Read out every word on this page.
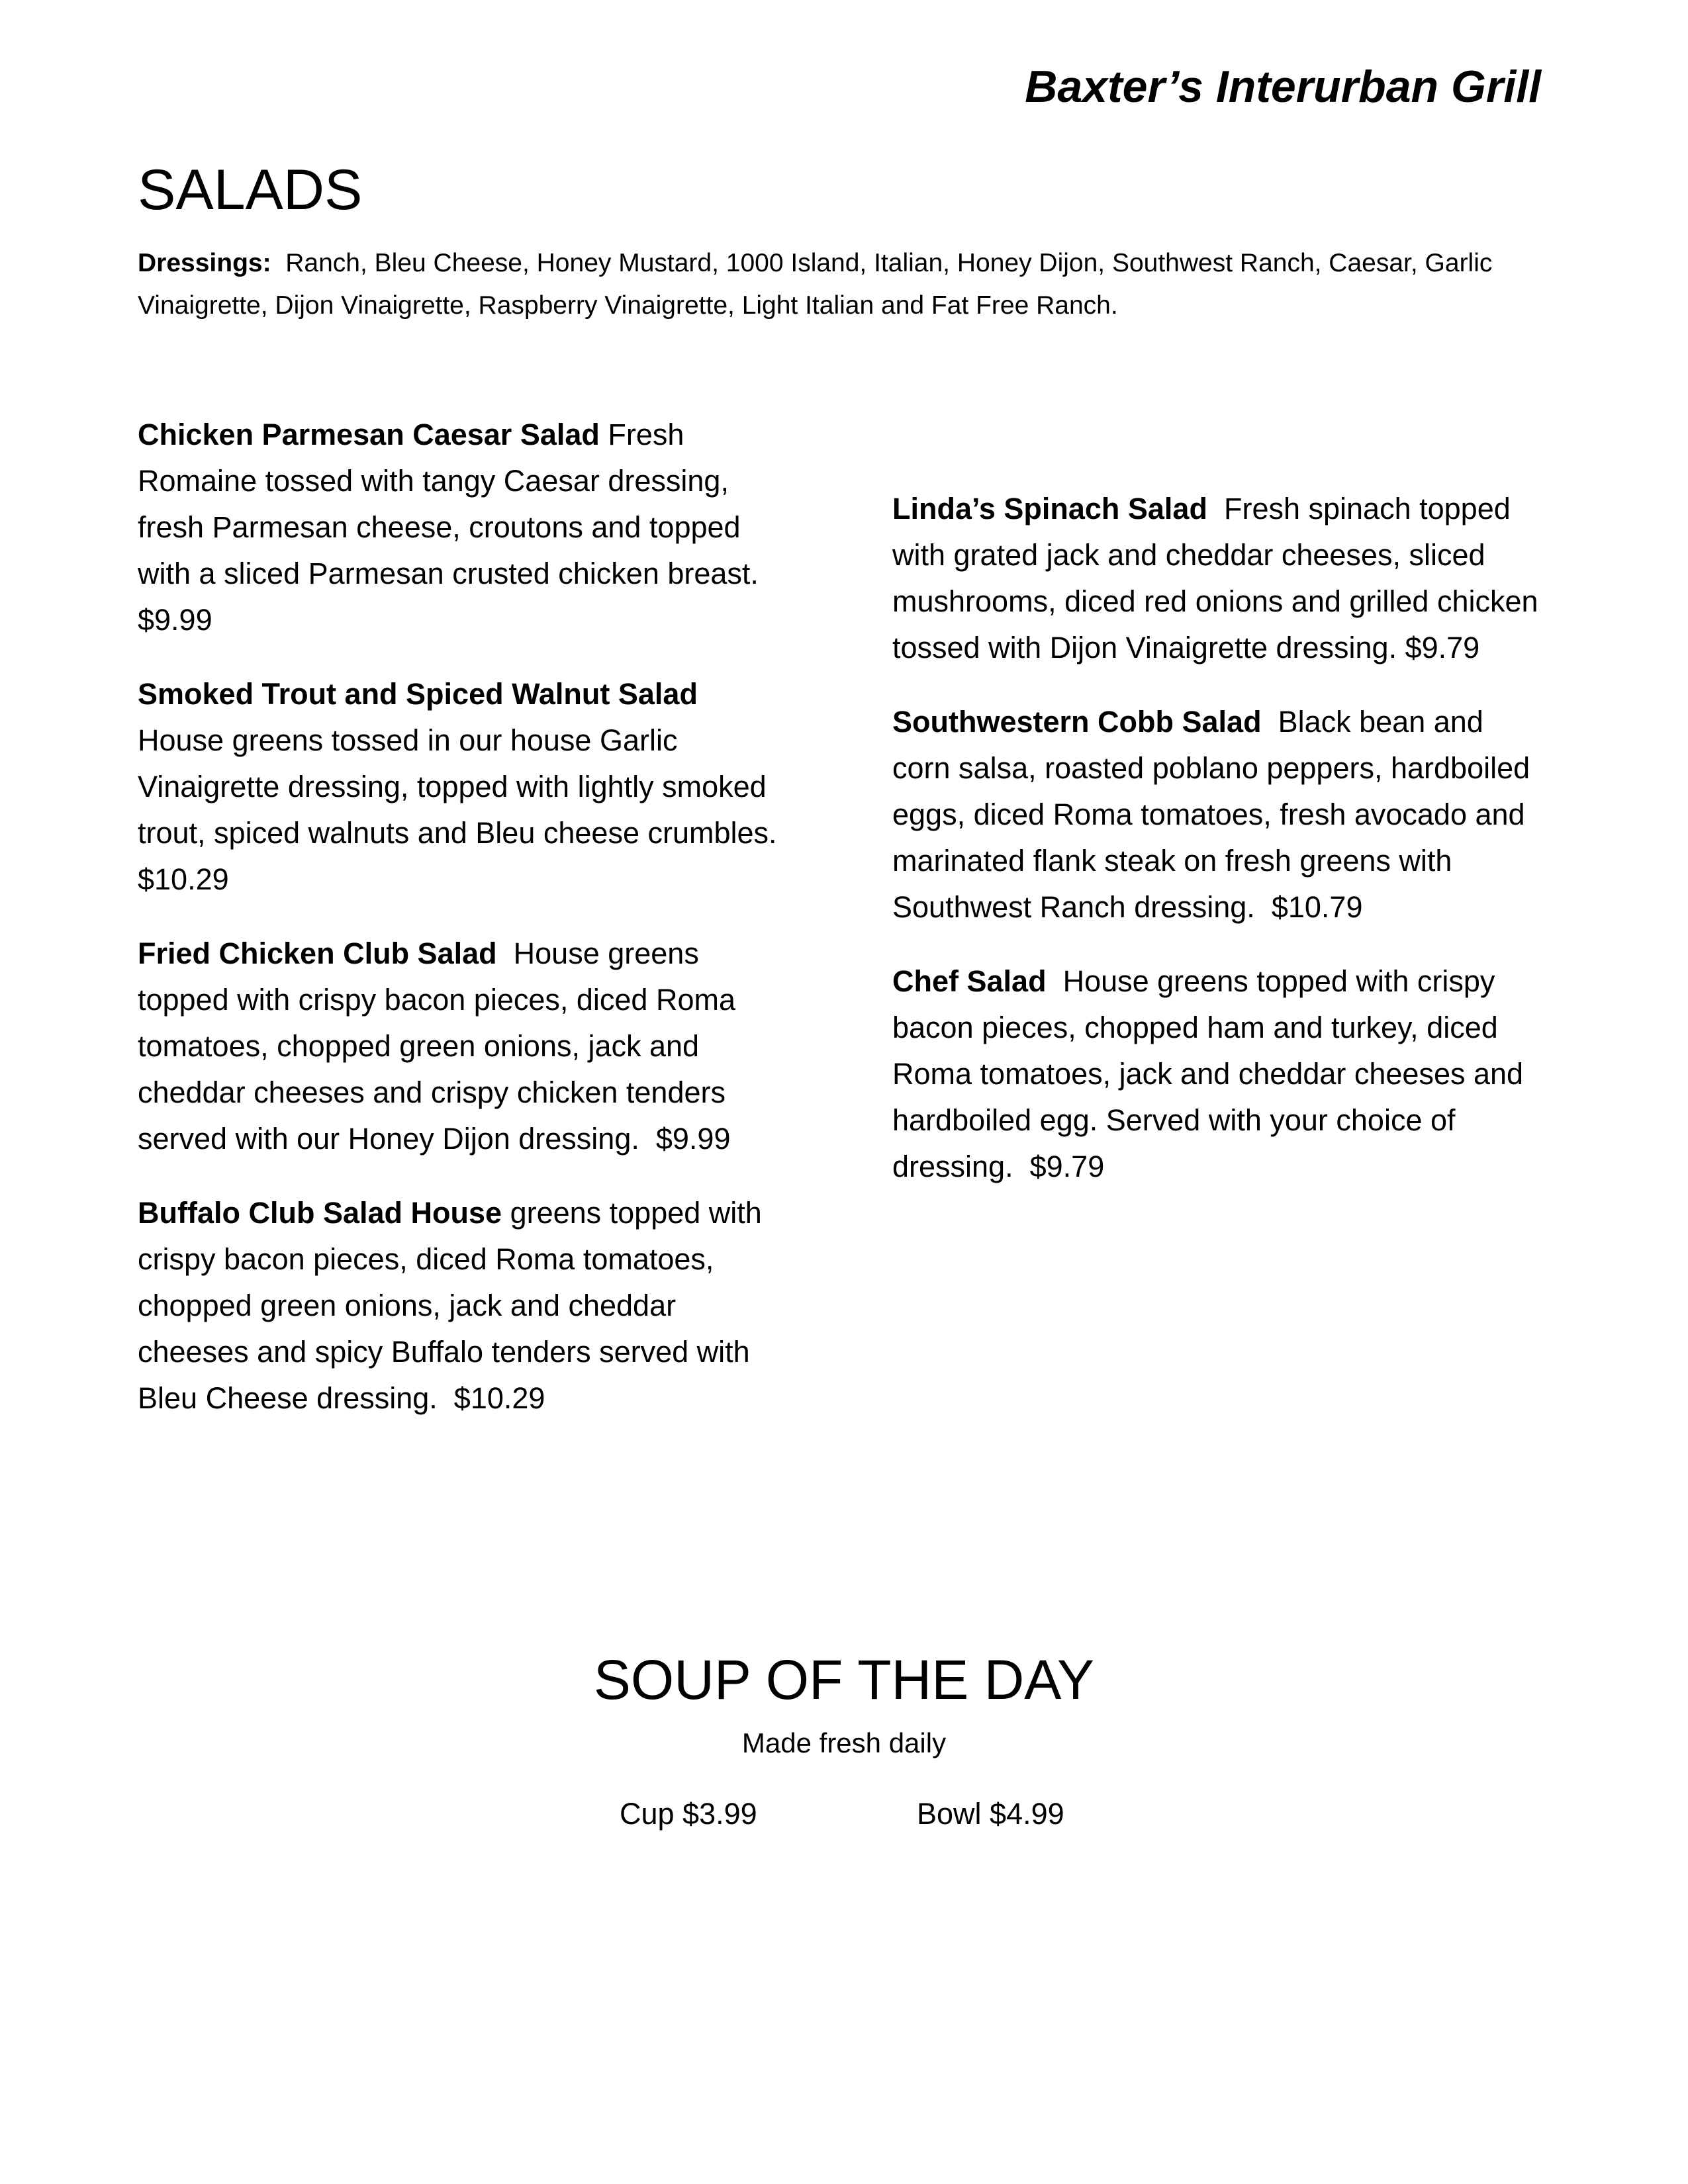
Baxter’s Interurban Grill
SALADS

Dressings: Ranch, Bleu Cheese, Honey Mustard, 1000 Island, Italian, Honey Dijon, Southwest Ranch, Caesar, Garlic Vinaigrette, Dijon Vinaigrette, Raspberry Vinaigrette, Light Italian and Fat Free Ranch.

Chicken Parmesan Caesar Salad Fresh Romaine tossed with tangy Caesar dressing, fresh Parmesan cheese, croutons and topped with a sliced Parmesan crusted chicken breast.  $9.99

Smoked Trout and Spiced Walnut Salad  House greens tossed in our house Garlic Vinaigrette dressing, topped with lightly smoked trout, spiced walnuts and Bleu cheese crumbles. $10.29

Fried Chicken Club Salad House greens topped with crispy bacon pieces, diced Roma tomatoes, chopped green onions, jack and cheddar cheeses and crispy chicken tenders served with our Honey Dijon dressing. $9.99

Buffalo Club Salad House greens topped with crispy bacon pieces, diced Roma tomatoes, chopped green onions, jack and cheddar cheeses and spicy Buffalo tenders served with Bleu Cheese dressing. $10.29

Linda’s Spinach Salad Fresh spinach topped with grated jack and cheddar cheeses, sliced mushrooms, diced red onions and grilled chicken tossed with Dijon Vinaigrette dressing. $9.79

Southwestern Cobb Salad Black bean and corn salsa, roasted poblano peppers, hardboiled eggs, diced Roma tomatoes, fresh avocado and marinated flank steak on fresh greens with Southwest Ranch dressing. $10.79

Chef Salad House greens topped with crispy bacon pieces, chopped ham and turkey, diced Roma tomatoes, jack and cheddar cheeses and hardboiled egg. Served with your choice of dressing. $9.79

SOUP OF THE DAY

Made fresh daily

Cup $3.99	Bowl $4.99
